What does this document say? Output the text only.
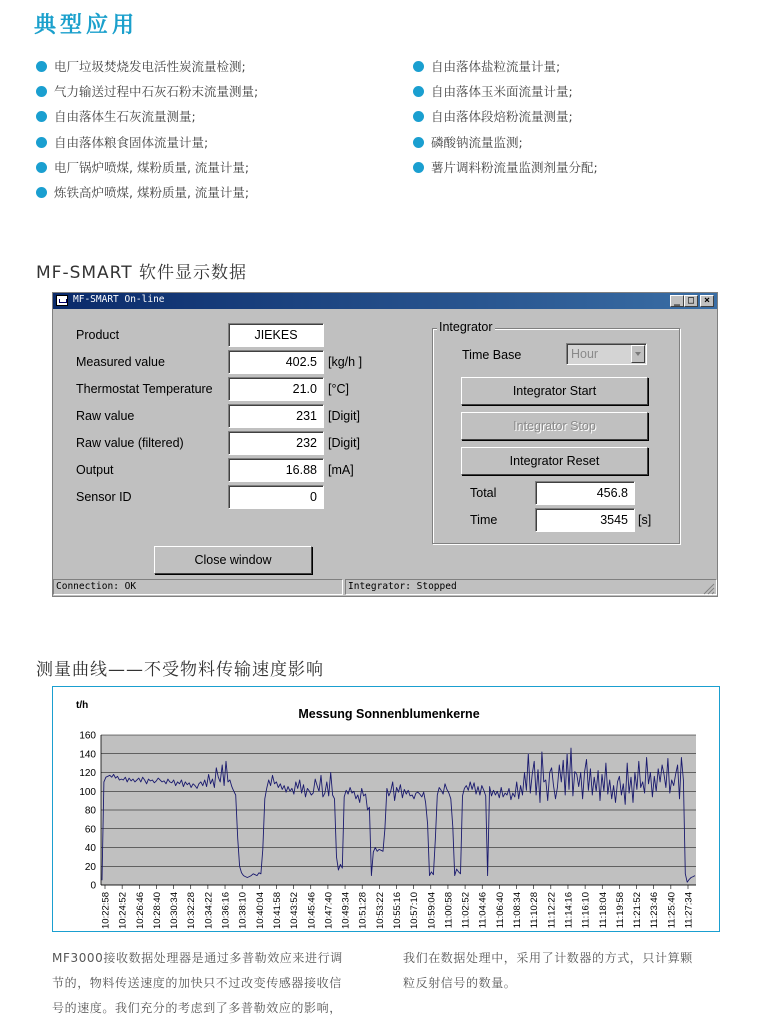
典型应用
电厂垃圾焚烧发电活性炭流量检测;
气力输送过程中石灰石粉末流量测量;
自由落体生石灰流量测量;
自由落体粮食固体流量计量;
电厂锅炉喷煤, 煤粉质量, 流量计量;
炼铁高炉喷煤, 煤粉质量, 流量计量;
自由落体盐粒流量计量;
自由落体玉米面流量计量;
自由落体段焙粉流量测量;
磷酸钠流量监测;
薯片调料粉流量监测剂量分配;
MF-SMART 软件显示数据
MF-SMART On-line	_ □ ×
Product	JIEKES
Measured value	402.5 [kg/h ]
Thermostat Temperature	21.0 [°C]
Raw value	231 [Digit]
Raw value (filtered)	232 [Digit]
Output	16.88 [mA]
Sensor ID	0
Close window
Integrator
Time Base	Hour
Integrator Start
Integrator Stop
Integrator Reset
Total	456.8
Time	3545 [s]
Connection: OK	Integrator: Stopped
测量曲线——不受物料传输速度影响
Messung Sonnenblumenkerne
t/h
0
20
40
60
80
100
120
140
160
10:22:58 10:24:52 10:26:46 10:28:40 10:30:34 10:32:28 10:34:22 10:36:16 10:38:10 10:40:04 10:41:58 10:43:52 10:45:46 10:47:40 10:49:34 10:51:28 10:53:22 10:55:16 10:57:10 10:59:04 11:00:58 11:02:52 11:04:46 11:06:40 11:08:34 11:10:28 11:12:22 11:14:16 11:16:10 11:18:04 11:19:58 11:21:52 11:23:46 11:25:40 11:27:34
MF3000接收数据处理器是通过多普勒效应来进行调
节的，物料传送速度的加快只不过改变传感器接收信
号的速度。我们充分的考虑到了多普勒效应的影响，
我们在数据处理中，采用了计数器的方式，只计算颗
粒反射信号的数量。
